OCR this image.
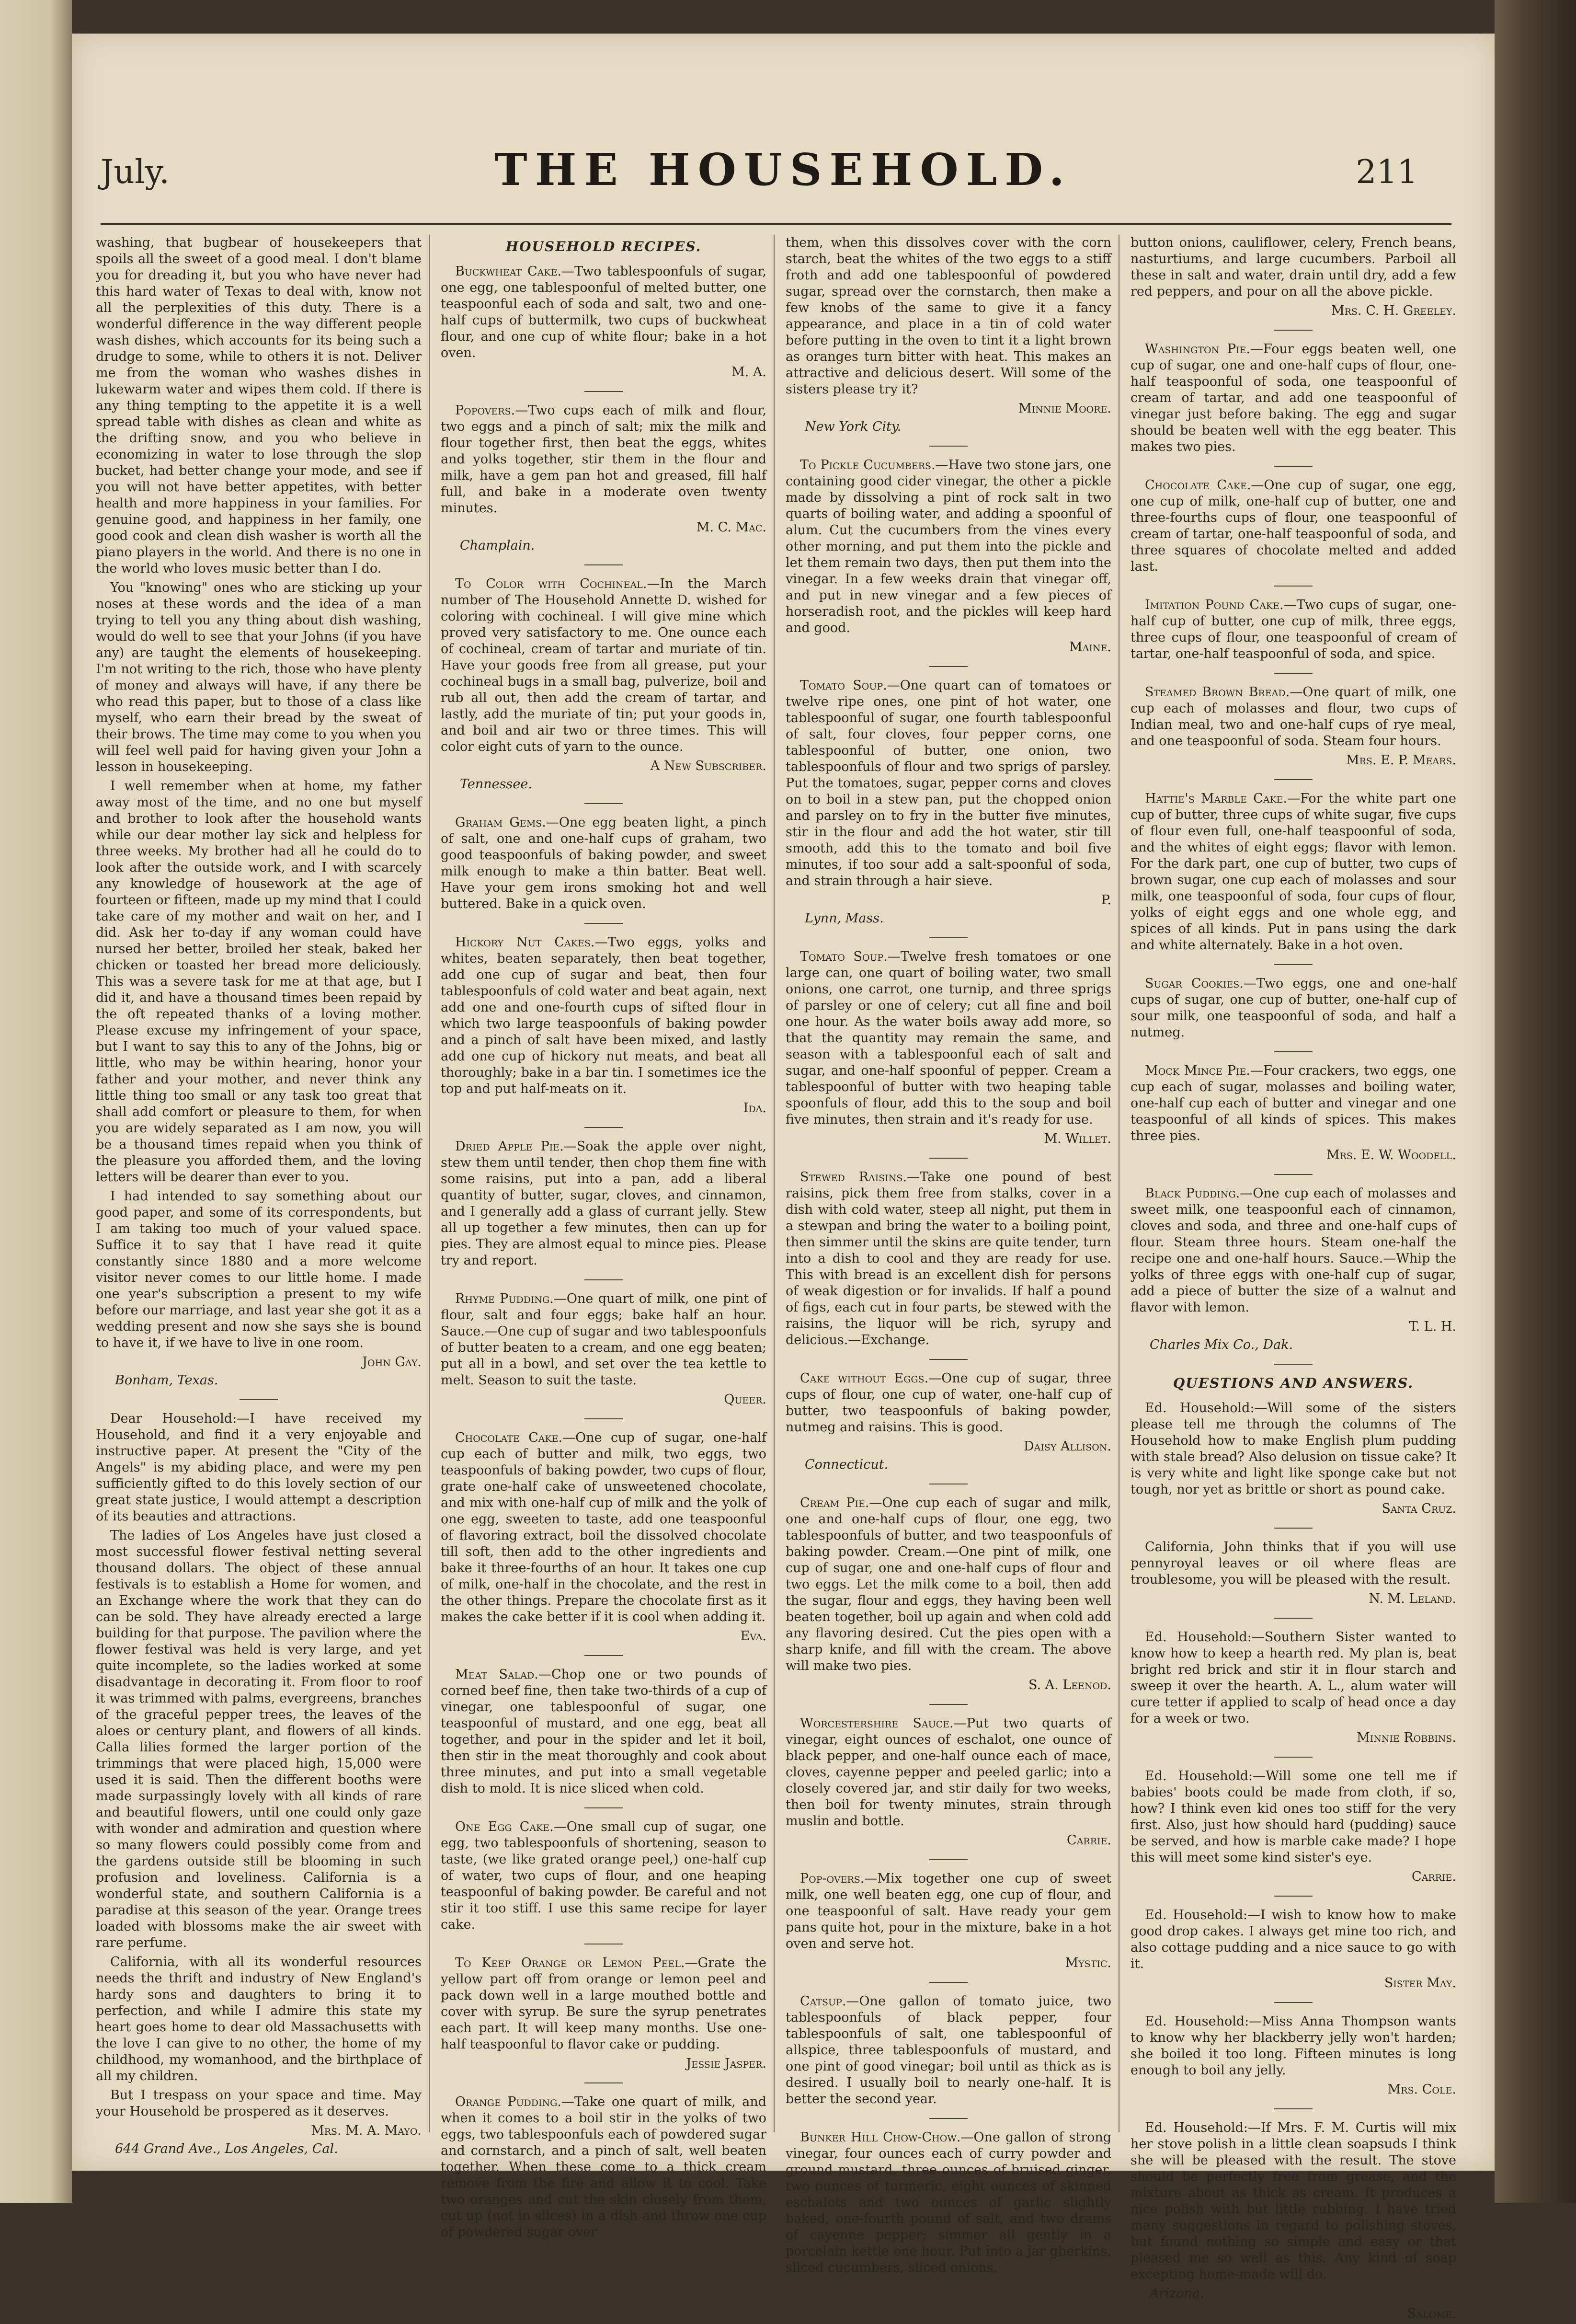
July.	THE HOUSEHOLD.	211

washing, that bugbear of housekeepers that spoils all the sweet of a good meal. I don't blame you for dreading it, but you who have never had this hard water of Texas to deal with, know not all the perplexities of this duty. There is a wonderful difference in the way different people wash dishes, which accounts for its being such a drudge to some, while to others it is not. Deliver me from the woman who washes dishes in lukewarm water and wipes them cold. If there is any thing tempting to the appetite it is a well spread table with dishes as clean and white as the drifting snow, and you who believe in economizing in water to lose through the slop bucket, had better change your mode, and see if you will not have better appetites, with better health and more happiness in your families. For genuine good, and happiness in her family, one good cook and clean dish washer is worth all the piano players in the world. And there is no one in the world who loves music better than I do.

You "knowing" ones who are sticking up your noses at these words and the idea of a man trying to tell you any thing about dish washing, would do well to see that your Johns (if you have any) are taught the elements of housekeeping. I'm not writing to the rich, those who have plenty of money and always will have, if any there be who read this paper, but to those of a class like myself, who earn their bread by the sweat of their brows. The time may come to you when you will feel well paid for having given your John a lesson in housekeeping.

I well remember when at home, my father away most of the time, and no one but myself and brother to look after the household wants while our dear mother lay sick and helpless for three weeks. My brother had all he could do to look after the outside work, and I with scarcely any knowledge of housework at the age of fourteen or fifteen, made up my mind that I could take care of my mother and wait on her, and I did. Ask her to-day if any woman could have nursed her better, broiled her steak, baked her chicken or toasted her bread more deliciously. This was a severe task for me at that age, but I did it, and have a thousand times been repaid by the oft repeated thanks of a loving mother. Please excuse my infringement of your space, but I want to say this to any of the Johns, big or little, who may be within hearing, honor your father and your mother, and never think any little thing too small or any task too great that shall add comfort or pleasure to them, for when you are widely separated as I am now, you will be a thousand times repaid when you think of the pleasure you afforded them, and the loving letters will be dearer than ever to you.

I had intended to say something about our good paper, and some of its correspondents, but I am taking too much of your valued space. Suffice it to say that I have read it quite constantly since 1880 and a more welcome visitor never comes to our little home. I made one year's subscription a present to my wife before our marriage, and last year she got it as a wedding present and now she says she is bound to have it, if we have to live in one room.

John Gay.
Bonham, Texas.

Dear Household:—I have received my Household, and find it a very enjoyable and instructive paper. At present the "City of the Angels" is my abiding place, and were my pen sufficiently gifted to do this lovely section of our great state justice, I would attempt a description of its beauties and attractions.

The ladies of Los Angeles have just closed a most successful flower festival netting several thousand dollars. The object of these annual festivals is to establish a Home for women, and an Exchange where the work that they can do can be sold. They have already erected a large building for that purpose. The pavilion where the flower festival was held is very large, and yet quite incomplete, so the ladies worked at some disadvantage in decorating it. From floor to roof it was trimmed with palms, evergreens, branches of the graceful pepper trees, the leaves of the aloes or century plant, and flowers of all kinds. Calla lilies formed the larger portion of the trimmings that were placed high, 15,000 were used it is said. Then the different booths were made surpassingly lovely with all kinds of rare and beautiful flowers, until one could only gaze with wonder and admiration and question where so many flowers could possibly come from and the gardens outside still be blooming in such profusion and loveliness. California is a wonderful state, and southern California is a paradise at this season of the year. Orange trees loaded with blossoms make the air sweet with rare perfume.

California, with all its wonderful resources needs the thrift and industry of New England's hardy sons and daughters to bring it to perfection, and while I admire this state my heart goes home to dear old Massachusetts with the love I can give to no other, the home of my childhood, my womanhood, and the birthplace of all my children.

But I trespass on your space and time. May your Household be prospered as it deserves.

Mrs. M. A. Mayo.
644 Grand Ave., Los Angeles, Cal.
HOUSEHOLD RECIPES.

Buckwheat Cake.—Two tablespoonfuls of sugar, one egg, one tablespoonful of melted butter, one teaspoonful each of soda and salt, two and one-half cups of buttermilk, two cups of buckwheat flour, and one cup of white flour; bake in a hot oven.

M. A.

Popovers.—Two cups each of milk and flour, two eggs and a pinch of salt; mix the milk and flour together first, then beat the eggs, whites and yolks together, stir them in the flour and milk, have a gem pan hot and greased, fill half full, and bake in a moderate oven twenty minutes.

M. C. Mac.
Champlain.

To Color with Cochineal.—In the March number of The Household Annette D. wished for coloring with cochineal. I will give mine which proved very satisfactory to me. One ounce each of cochineal, cream of tartar and muriate of tin. Have your goods free from all grease, put your cochineal bugs in a small bag, pulverize, boil and rub all out, then add the cream of tartar, and lastly, add the muriate of tin; put your goods in, and boil and air two or three times. This will color eight cuts of yarn to the ounce.

A New Subscriber.
Tennessee.

Graham Gems.—One egg beaten light, a pinch of salt, one and one-half cups of graham, two good teaspoonfuls of baking powder, and sweet milk enough to make a thin batter. Beat well. Have your gem irons smoking hot and well buttered. Bake in a quick oven.

Hickory Nut Cakes.—Two eggs, yolks and whites, beaten separately, then beat together, add one cup of sugar and beat, then four tablespoonfuls of cold water and beat again, next add one and one-fourth cups of sifted flour in which two large teaspoonfuls of baking powder and a pinch of salt have been mixed, and lastly add one cup of hickory nut meats, and beat all thoroughly; bake in a bar tin. I sometimes ice the top and put half-meats on it.

Ida.

Dried Apple Pie.—Soak the apple over night, stew them until tender, then chop them fine with some raisins, put into a pan, add a liberal quantity of butter, sugar, cloves, and cinnamon, and I generally add a glass of currant jelly. Stew all up together a few minutes, then can up for pies. They are almost equal to mince pies. Please try and report.

Rhyme Pudding.—One quart of milk, one pint of flour, salt and four eggs; bake half an hour. Sauce.—One cup of sugar and two tablespoonfuls of butter beaten to a cream, and one egg beaten; put all in a bowl, and set over the tea kettle to melt. Season to suit the taste.

Queer.

Chocolate Cake.—One cup of sugar, one-half cup each of butter and milk, two eggs, two teaspoonfuls of baking powder, two cups of flour, grate one-half cake of unsweetened chocolate, and mix with one-half cup of milk and the yolk of one egg, sweeten to taste, add one teaspoonful of flavoring extract, boil the dissolved chocolate till soft, then add to the other ingredients and bake it three-fourths of an hour. It takes one cup of milk, one-half in the chocolate, and the rest in the other things. Prepare the chocolate first as it makes the cake better if it is cool when adding it.

Eva.

Meat Salad.—Chop one or two pounds of corned beef fine, then take two-thirds of a cup of vinegar, one tablespoonful of sugar, one teaspoonful of mustard, and one egg, beat all together, and pour in the spider and let it boil, then stir in the meat thoroughly and cook about three minutes, and put into a small vegetable dish to mold. It is nice sliced when cold.

One Egg Cake.—One small cup of sugar, one egg, two tablespoonfuls of shortening, season to taste, (we like grated orange peel,) one-half cup of water, two cups of flour, and one heaping teaspoonful of baking powder. Be careful and not stir it too stiff. I use this same recipe for layer cake.

To Keep Orange or Lemon Peel.—Grate the yellow part off from orange or lemon peel and pack down well in a large mouthed bottle and cover with syrup. Be sure the syrup penetrates each part. It will keep many months. Use one-half teaspoonful to flavor cake or pudding.

Jessie Jasper.

Orange Pudding.—Take one quart of milk, and when it comes to a boil stir in the yolks of two eggs, two tablespoonfuls each of powdered sugar and cornstarch, and a pinch of salt, well beaten together. When these come to a thick cream remove from the fire and allow it to cool. Take two oranges and cut the skin closely from them, cut up (not in slices) in a dish and throw one cup of powdered sugar over

them, when this dissolves cover with the corn starch, beat the whites of the two eggs to a stiff froth and add one tablespoonful of powdered sugar, spread over the cornstarch, then make a few knobs of the same to give it a fancy appearance, and place in a tin of cold water before putting in the oven to tint it a light brown as oranges turn bitter with heat. This makes an attractive and delicious desert. Will some of the sisters please try it?

Minnie Moore.
New York City.

To Pickle Cucumbers.—Have two stone jars, one containing good cider vinegar, the other a pickle made by dissolving a pint of rock salt in two quarts of boiling water, and adding a spoonful of alum. Cut the cucumbers from the vines every other morning, and put them into the pickle and let them remain two days, then put them into the vinegar. In a few weeks drain that vinegar off, and put in new vinegar and a few pieces of horseradish root, and the pickles will keep hard and good.

Maine.

Tomato Soup.—One quart can of tomatoes or twelve ripe ones, one pint of hot water, one tablespoonful of sugar, one fourth tablespoonful of salt, four cloves, four pepper corns, one tablespoonful of butter, one onion, two tablespoonfuls of flour and two sprigs of parsley. Put the tomatoes, sugar, pepper corns and cloves on to boil in a stew pan, put the chopped onion and parsley on to fry in the butter five minutes, stir in the flour and add the hot water, stir till smooth, add this to the tomato and boil five minutes, if too sour add a salt-spoonful of soda, and strain through a hair sieve.

P.
Lynn, Mass.

Tomato Soup.—Twelve fresh tomatoes or one large can, one quart of boiling water, two small onions, one carrot, one turnip, and three sprigs of parsley or one of celery; cut all fine and boil one hour. As the water boils away add more, so that the quantity may remain the same, and season with a tablespoonful each of salt and sugar, and one-half spoonful of pepper. Cream a tablespoonful of butter with two heaping table spoonfuls of flour, add this to the soup and boil five minutes, then strain and it's ready for use.

M. Willet.

Stewed Raisins.—Take one pound of best raisins, pick them free from stalks, cover in a dish with cold water, steep all night, put them in a stewpan and bring the water to a boiling point, then simmer until the skins are quite tender, turn into a dish to cool and they are ready for use. This with bread is an excellent dish for persons of weak digestion or for invalids. If half a pound of figs, each cut in four parts, be stewed with the raisins, the liquor will be rich, syrupy and delicious.—Exchange.

Cake without Eggs.—One cup of sugar, three cups of flour, one cup of water, one-half cup of butter, two teaspoonfuls of baking powder, nutmeg and raisins. This is good.

Daisy Allison.
Connecticut.

Cream Pie.—One cup each of sugar and milk, one and one-half cups of flour, one egg, two tablespoonfuls of butter, and two teaspoonfuls of baking powder. Cream.—One pint of milk, one cup of sugar, one and one-half cups of flour and two eggs. Let the milk come to a boil, then add the sugar, flour and eggs, they having been well beaten together, boil up again and when cold add any flavoring desired. Cut the pies open with a sharp knife, and fill with the cream. The above will make two pies.

S. A. Leenod.

Worcestershire Sauce.—Put two quarts of vinegar, eight ounces of eschalot, one ounce of black pepper, and one-half ounce each of mace, cloves, cayenne pepper and peeled garlic; into a closely covered jar, and stir daily for two weeks, then boil for twenty minutes, strain through muslin and bottle.

Carrie.

Pop-overs.—Mix together one cup of sweet milk, one well beaten egg, one cup of flour, and one teaspoonful of salt. Have ready your gem pans quite hot, pour in the mixture, bake in a hot oven and serve hot.

Mystic.

Catsup.—One gallon of tomato juice, two tablespoonfuls of black pepper, four tablespoonfuls of salt, one tablespoonful of allspice, three tablespoonfuls of mustard, and one pint of good vinegar; boil until as thick as is desired. I usually boil to nearly one-half. It is better the second year.

Bunker Hill Chow-Chow.—One gallon of strong vinegar, four ounces each of curry powder and ground mustard, three ounces of bruised ginger, two ounces of turmeric, eight ounces of skinned eschalots and two ounces of garlic slightly baked, one-fourth pound of salt, and two drams of cayenne pepper; simmer all gently in a porcelain kettle one hour. Put into a jar gherkins, sliced cucumbers, sliced onions,

button onions, cauliflower, celery, French beans, nasturtiums, and large cucumbers. Parboil all these in salt and water, drain until dry, add a few red peppers, and pour on all the above pickle.

Mrs. C. H. Greeley.

Washington Pie.—Four eggs beaten well, one cup of sugar, one and one-half cups of flour, one-half teaspoonful of soda, one teaspoonful of cream of tartar, and add one teaspoonful of vinegar just before baking. The egg and sugar should be beaten well with the egg beater. This makes two pies.

Chocolate Cake.—One cup of sugar, one egg, one cup of milk, one-half cup of butter, one and three-fourths cups of flour, one teaspoonful of cream of tartar, one-half teaspoonful of soda, and three squares of chocolate melted and added last.

Imitation Pound Cake.—Two cups of sugar, one-half cup of butter, one cup of milk, three eggs, three cups of flour, one teaspoonful of cream of tartar, one-half teaspoonful of soda, and spice.

Steamed Brown Bread.—One quart of milk, one cup each of molasses and flour, two cups of Indian meal, two and one-half cups of rye meal, and one teaspoonful of soda. Steam four hours.

Mrs. E. P. Mears.

Hattie's Marble Cake.—For the white part one cup of butter, three cups of white sugar, five cups of flour even full, one-half teaspoonful of soda, and the whites of eight eggs; flavor with lemon. For the dark part, one cup of butter, two cups of brown sugar, one cup each of molasses and sour milk, one teaspoonful of soda, four cups of flour, yolks of eight eggs and one whole egg, and spices of all kinds. Put in pans using the dark and white alternately. Bake in a hot oven.

Sugar Cookies.—Two eggs, one and one-half cups of sugar, one cup of butter, one-half cup of sour milk, one teaspoonful of soda, and half a nutmeg.

Mock Mince Pie.—Four crackers, two eggs, one cup each of sugar, molasses and boiling water, one-half cup each of butter and vinegar and one teaspoonful of all kinds of spices. This makes three pies.

Mrs. E. W. Woodell.

Black Pudding.—One cup each of molasses and sweet milk, one teaspoonful each of cinnamon, cloves and soda, and three and one-half cups of flour. Steam three hours. Steam one-half the recipe one and one-half hours. Sauce.—Whip the yolks of three eggs with one-half cup of sugar, add a piece of butter the size of a walnut and flavor with lemon.

T. L. H.
Charles Mix Co., Dak.
QUESTIONS AND ANSWERS.

Ed. Household:—Will some of the sisters please tell me through the columns of The Household how to make English plum pudding with stale bread? Also delusion on tissue cake? It is very white and light like sponge cake but not tough, nor yet as brittle or short as pound cake.

Santa Cruz.

California, John thinks that if you will use pennyroyal leaves or oil where fleas are troublesome, you will be pleased with the result.

N. M. Leland.

Ed. Household:—Southern Sister wanted to know how to keep a hearth red. My plan is, beat bright red brick and stir it in flour starch and sweep it over the hearth. A. L., alum water will cure tetter if applied to scalp of head once a day for a week or two.

Minnie Robbins.

Ed. Household:—Will some one tell me if babies' boots could be made from cloth, if so, how? I think even kid ones too stiff for the very first. Also, just how should hard (pudding) sauce be served, and how is marble cake made? I hope this will meet some kind sister's eye.

Carrie.

Ed. Household:—I wish to know how to make good drop cakes. I always get mine too rich, and also cottage pudding and a nice sauce to go with it.

Sister May.

Ed. Household:—Miss Anna Thompson wants to know why her blackberry jelly won't harden; she boiled it too long. Fifteen minutes is long enough to boil any jelly.

Mrs. Cole.

Ed. Household:—If Mrs. F. M. Curtis will mix her stove polish in a little clean soapsuds I think she will be pleased with the result. The stove should be perfectly free from grease, and the mixture about as thick as cream. It produces a nice polish with but little rubbing. I have tried many suggestions in regard to polishing stoves, but found nothing so simple and easy or that pleased me so well as this. Any kind of soap excepting home-made will do.

Arizona.
Salome.
